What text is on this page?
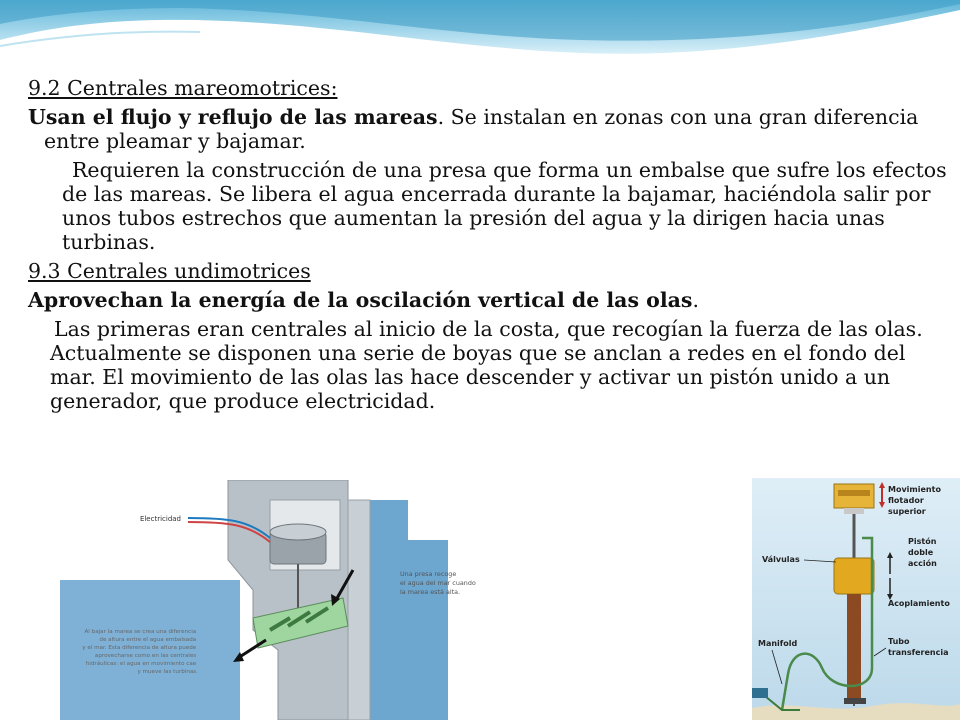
9.2 Centrales mareomotrices:

Usan el flujo y reflujo de las mareas. Se instalan en zonas con una gran diferencia entre pleamar y bajamar.

Requieren la construcción de una presa que forma un embalse que sufre los efectos de las mareas. Se libera el agua encerrada durante la bajamar, haciéndola salir por unos tubos estrechos que aumentan la presión del agua y la dirigen hacia unas turbinas.

9.3 Centrales undimotrices

Aprovechan la energía de la oscilación vertical de las olas.

Las primeras eran centrales al inicio de la costa, que recogían la fuerza de las olas. Actualmente se disponen una serie de boyas que se anclan a redes en el fondo del mar. El movimiento de las olas las hace descender y activar un pistón unido a un generador, que produce electricidad.

Electricidad
Una presa recoge el agua del mar cuando la marea está alta.
Al bajar la marea se crea una diferencia de altura entre el agua embalsada y el mar. Esta diferencia de altura puede aprovecharse como en las centrales hidráulicas: el agua en movimiento cae y mueve las turbinas.
Movimiento flotador superior
Pistón doble acción
Válvulas
Acoplamiento
Manifold	Tubo transferencia
